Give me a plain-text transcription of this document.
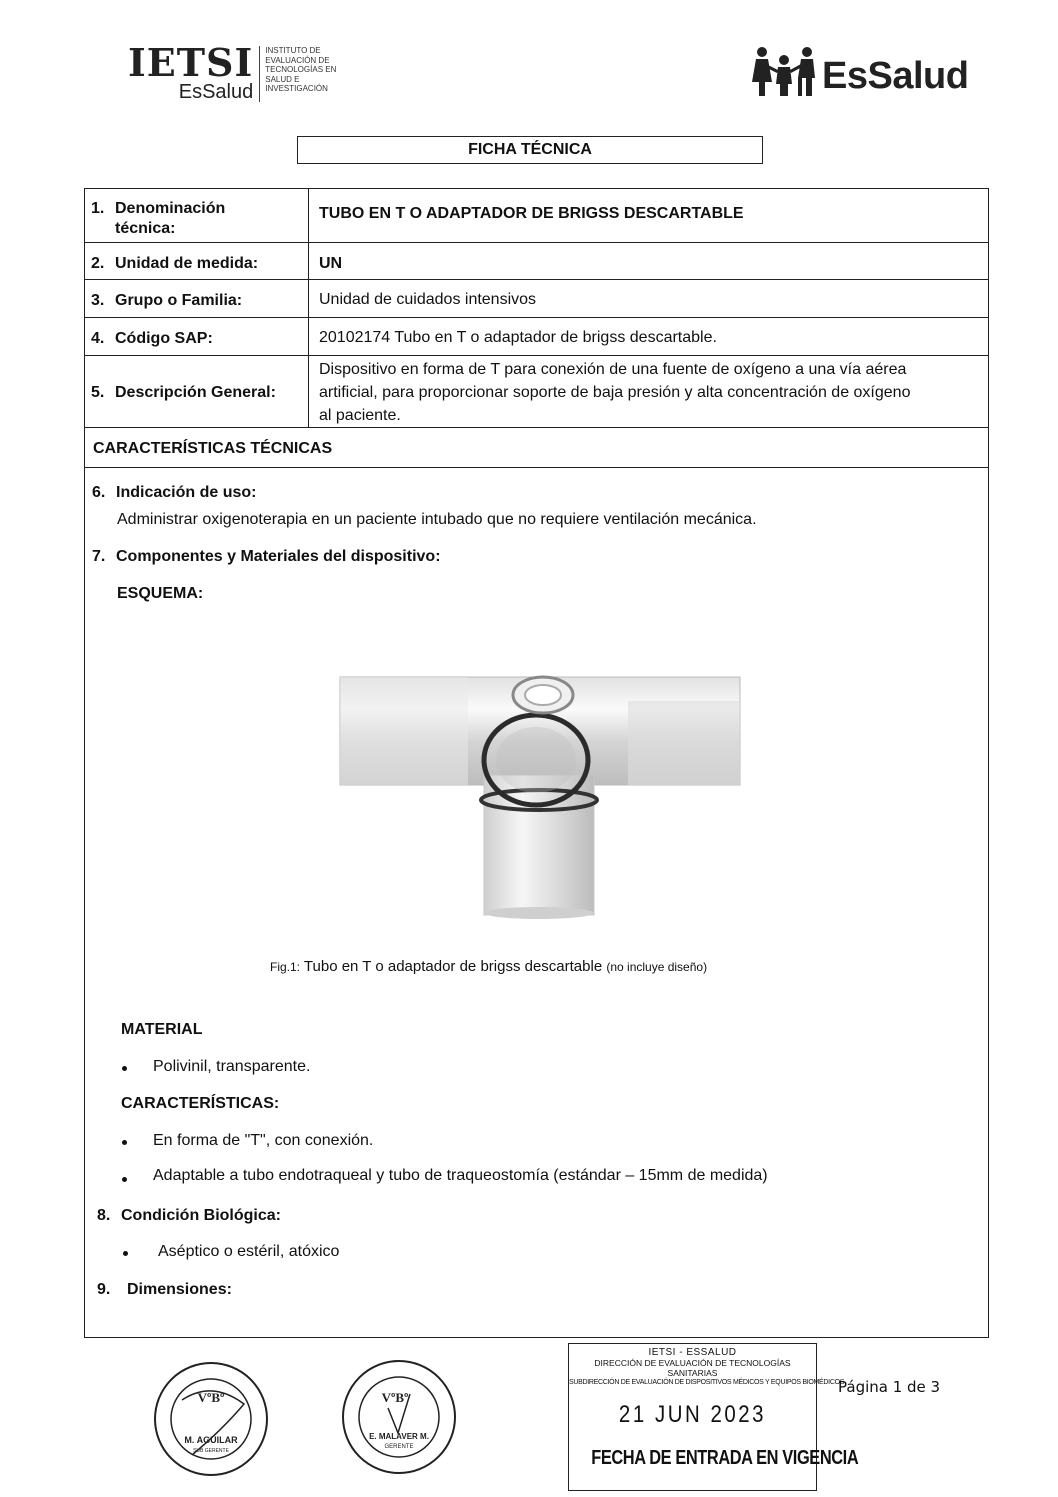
IETSI
EsSalud
INSTITUTO DE
EVALUACIÓN DE
TECNOLOGÍAS EN
SALUD E
INVESTIGACIÓN	EsSalud
FICHA TÉCNICA
1. Denominación
técnica:
TUBO EN T O ADAPTADOR DE BRIGSS DESCARTABLE
2. Unidad de medida:	UN
3. Grupo o Familia:	Unidad de cuidados intensivos
4. Código SAP:	20102174 Tubo en T o adaptador de brigss descartable.
5. Descripción General:
Dispositivo en forma de T para conexión de una fuente de oxígeno a una vía aérea
artificial, para proporcionar soporte de baja presión y alta concentración de oxígeno
al paciente.
CARACTERÍSTICAS TÉCNICAS
6. Indicación de uso:
Administrar oxigenoterapia en un paciente intubado que no requiere ventilación mecánica.
7. Componentes y Materiales del dispositivo:
ESQUEMA:
Fig.1: Tubo en T o adaptador de brigss descartable (no incluye diseño)
MATERIAL
Polivinil, transparente.
CARACTERÍSTICAS:
En forma de "T", con conexión.
Adaptable a tubo endotraqueal y tubo de traqueostomía (estándar – 15mm de medida)
8. Condición Biológica:
Aséptico o estéril, atóxico
9. Dimensiones:
VºBº
M. AGUILAR
SUB GERENTE
VºBº
E. MALAVER M.
GERENTE
IETSI - ESSALUD
DIRECCIÓN DE EVALUACIÓN DE TECNOLOGÍAS SANITARIAS
SUBDIRECCIÓN DE EVALUACIÓN DE DISPOSITIVOS MÉDICOS Y EQUIPOS BIOMÉDICOS
21 JUN 2023
FECHA DE ENTRADA EN VIGENCIA
Página 1 de 3
